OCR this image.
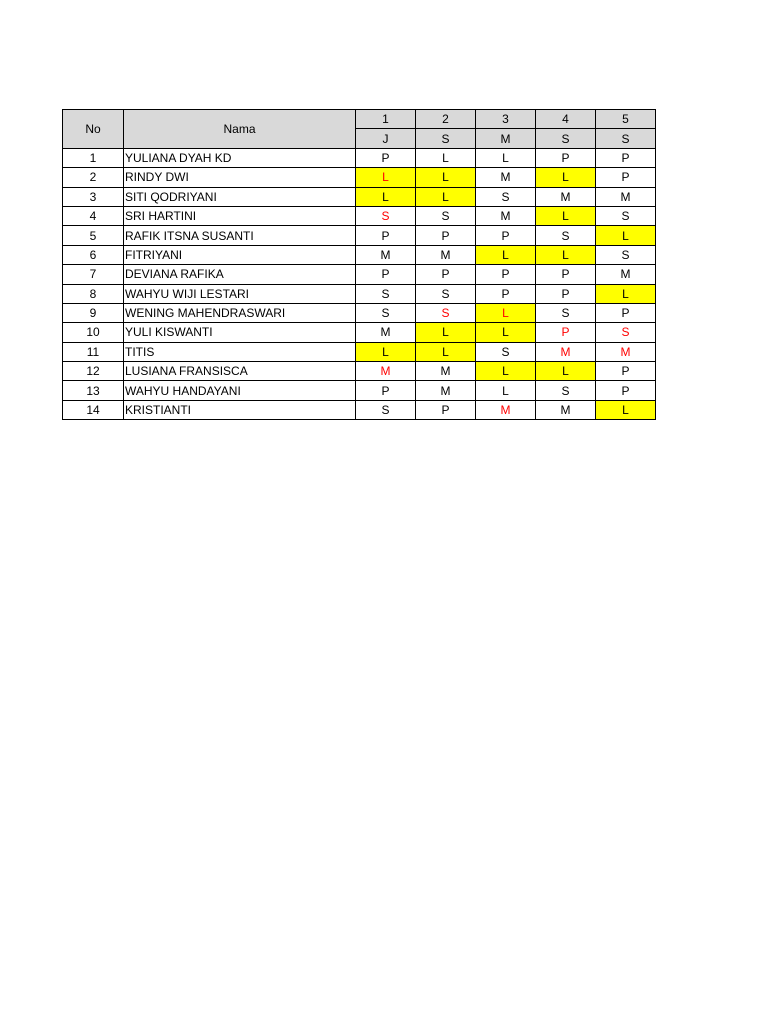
No	Nama	1	2	3	4	5
		J	S	M	S	S
1	YULIANA DYAH KD	P	L	L	P	P
2	RINDY DWI	L	L	M	L	P
3	SITI QODRIYANI	L	L	S	M	M
4	SRI HARTINI	S	S	M	L	S
5	RAFIK ITSNA SUSANTI	P	P	P	S	L
6	FITRIYANI	M	M	L	L	S
7	DEVIANA RAFIKA	P	P	P	P	M
8	WAHYU WIJI LESTARI	S	S	P	P	L
9	WENING MAHENDRASWARI	S	S	L	S	P
10	YULI KISWANTI	M	L	L	P	S
11	TITIS	L	L	S	M	M
12	LUSIANA FRANSISCA	M	M	L	L	P
13	WAHYU HANDAYANI	P	M	L	S	P
14	KRISTIANTI	S	P	M	M	L
